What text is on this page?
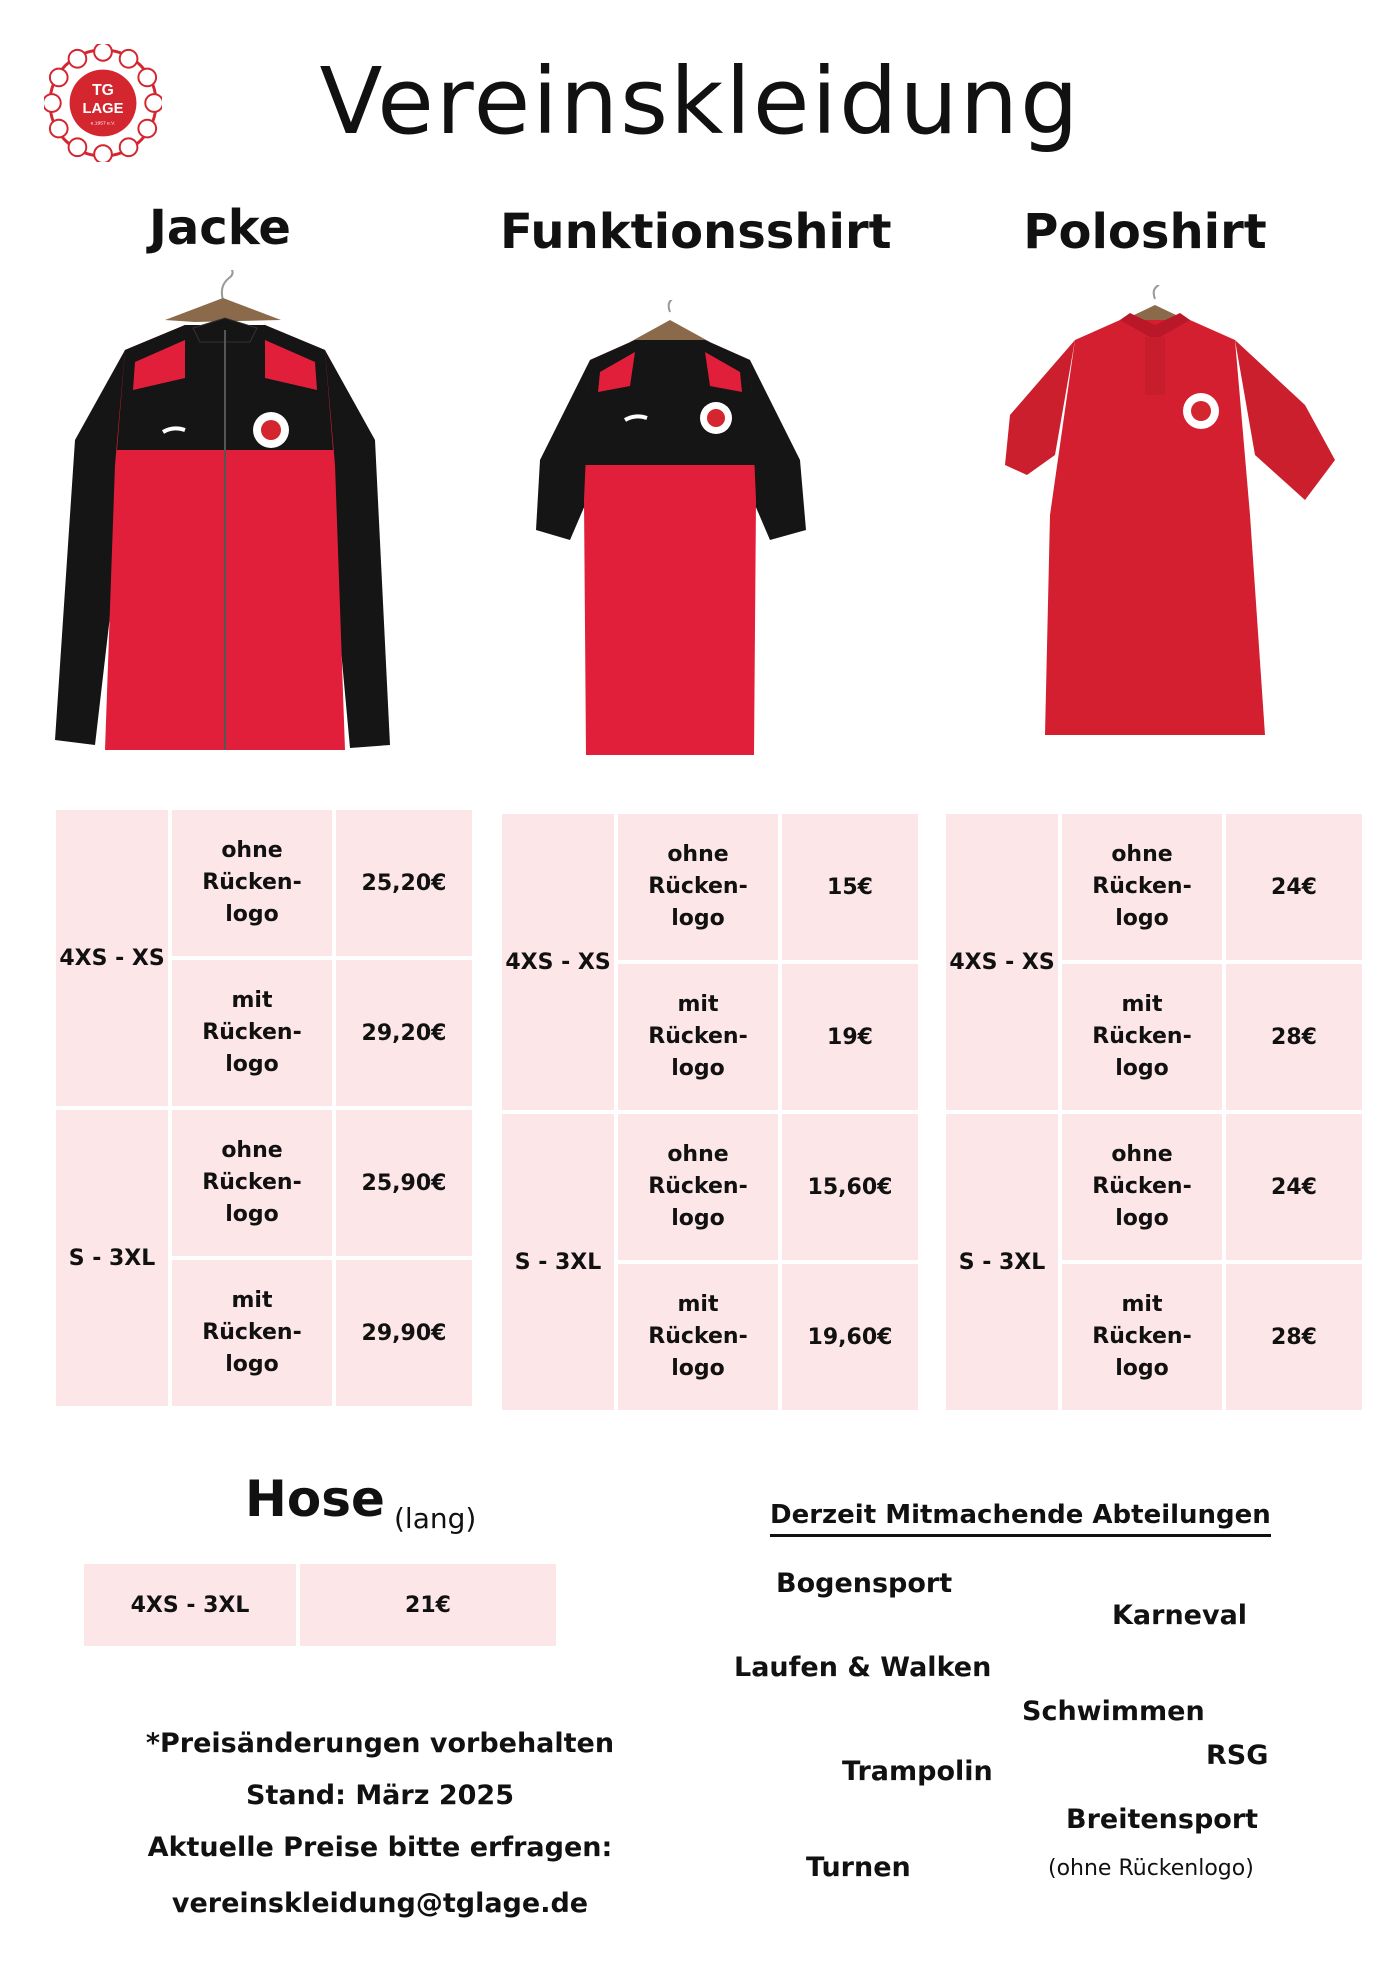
TG
LAGE
e.1957 e.V. Vereinskleidung
Jacke	Funktionsshirt	Poloshirt
4XS - XS	ohne
Rücken-
logo	25,20€
	mit
Rücken-
logo	29,20€
S - 3XL	ohne
Rücken-
logo	25,90€
	mit
Rücken-
logo	29,90€
4XS - XS	ohne
Rücken-
logo	15€
	mit
Rücken-
logo	19€
S - 3XL	ohne
Rücken-
logo	15,60€
	mit
Rücken-
logo	19,60€
4XS - XS	ohne
Rücken-
logo	24€
	mit
Rücken-
logo	28€
S - 3XL	ohne
Rücken-
logo	24€
	mit
Rücken-
logo	28€
Hose (lang)
4XS - 3XL	21€
*Preisänderungen vorbehalten
Stand: März 2025
Aktuelle Preise bitte erfragen:
vereinskleidung@tglage.de
Derzeit Mitmachende Abteilungen
Bogensport
Karneval
Laufen & Walken
Schwimmen
RSG
Trampolin
Breitensport
Turnen	(ohne Rückenlogo)
